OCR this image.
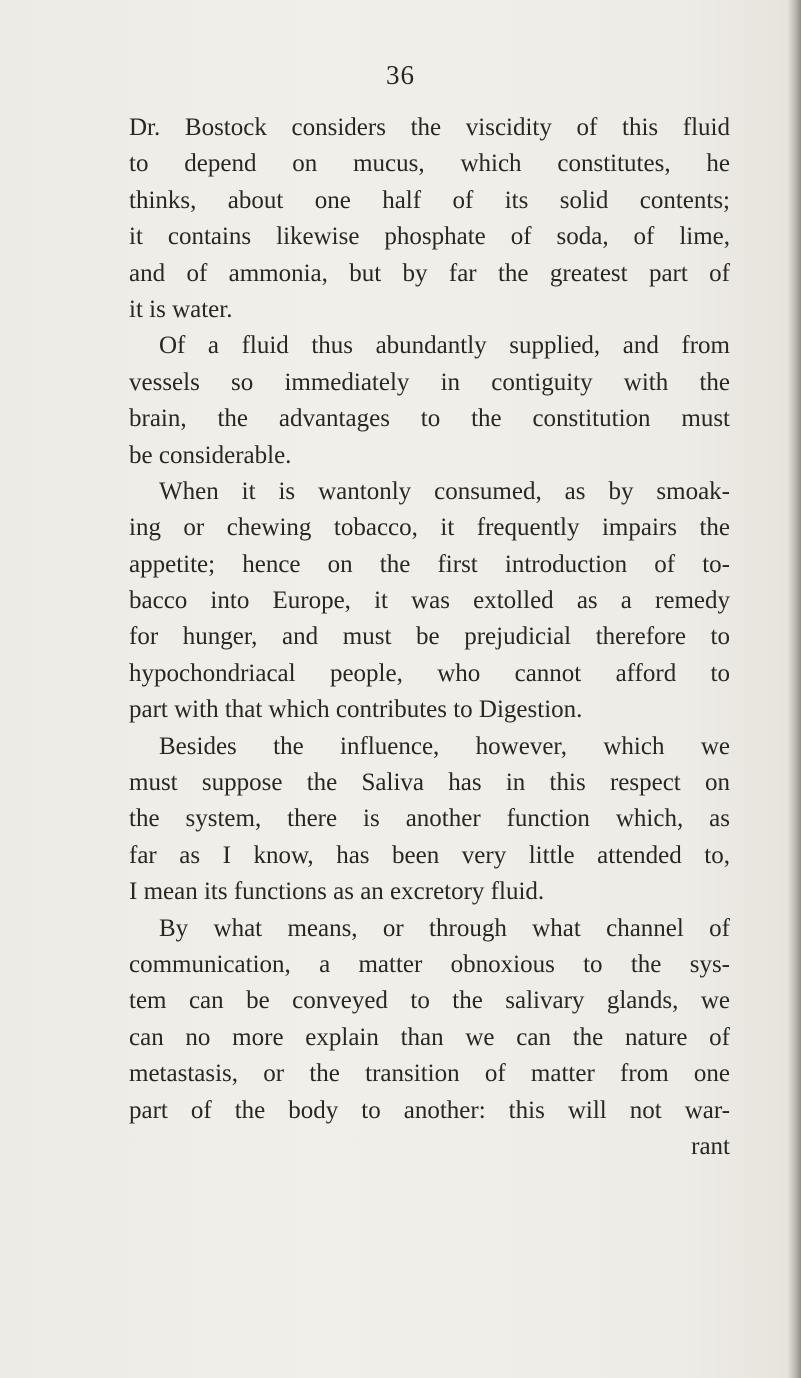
36
Dr. Bostock considers the viscidity of this fluid
to depend on mucus, which constitutes, he
thinks, about one half of its solid contents;
it contains likewise phosphate of soda, of lime,
and of ammonia, but by far the greatest part of
it is water.
Of a fluid thus abundantly supplied, and from
vessels so immediately in contiguity with the
brain, the advantages to the constitution must
be considerable.
When it is wantonly consumed, as by smoak-
ing or chewing tobacco, it frequently impairs the
appetite; hence on the first introduction of to-
bacco into Europe, it was extolled as a remedy
for hunger, and must be prejudicial therefore to
hypochondriacal people, who cannot afford to
part with that which contributes to Digestion.
Besides the influence, however, which we
must suppose the Saliva has in this respect on
the system, there is another function which, as
far as I know, has been very little attended to,
I mean its functions as an excretory fluid.
By what means, or through what channel of
communication, a matter obnoxious to the sys-
tem can be conveyed to the salivary glands, we
can no more explain than we can the nature of
metastasis, or the transition of matter from one
part of the body to another: this will not war-
rant
